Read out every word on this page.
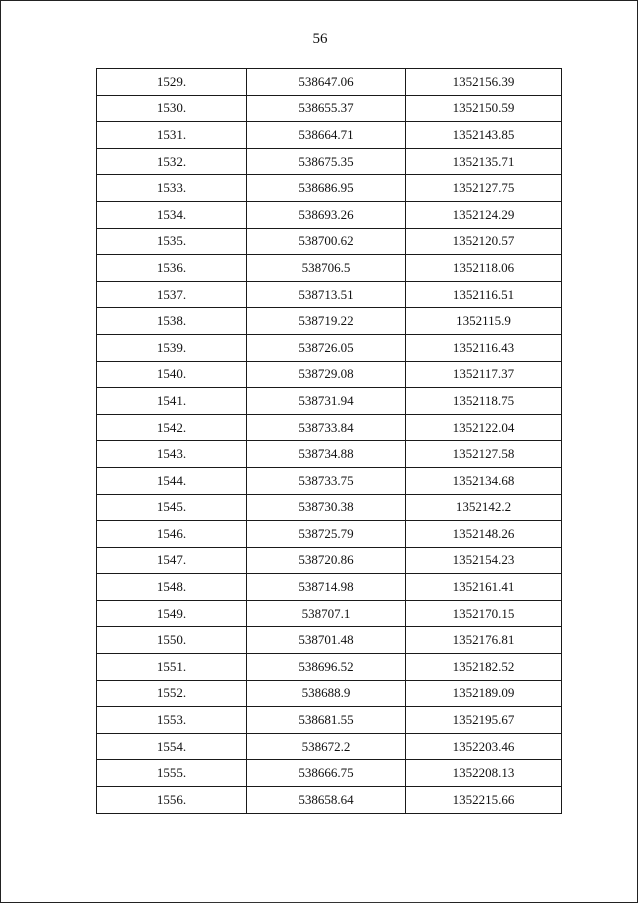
56
1529.	538647.06	1352156.39
1530.	538655.37	1352150.59
1531.	538664.71	1352143.85
1532.	538675.35	1352135.71
1533.	538686.95	1352127.75
1534.	538693.26	1352124.29
1535.	538700.62	1352120.57
1536.	538706.5	1352118.06
1537.	538713.51	1352116.51
1538.	538719.22	1352115.9
1539.	538726.05	1352116.43
1540.	538729.08	1352117.37
1541.	538731.94	1352118.75
1542.	538733.84	1352122.04
1543.	538734.88	1352127.58
1544.	538733.75	1352134.68
1545.	538730.38	1352142.2
1546.	538725.79	1352148.26
1547.	538720.86	1352154.23
1548.	538714.98	1352161.41
1549.	538707.1	1352170.15
1550.	538701.48	1352176.81
1551.	538696.52	1352182.52
1552.	538688.9	1352189.09
1553.	538681.55	1352195.67
1554.	538672.2	1352203.46
1555.	538666.75	1352208.13
1556.	538658.64	1352215.66
